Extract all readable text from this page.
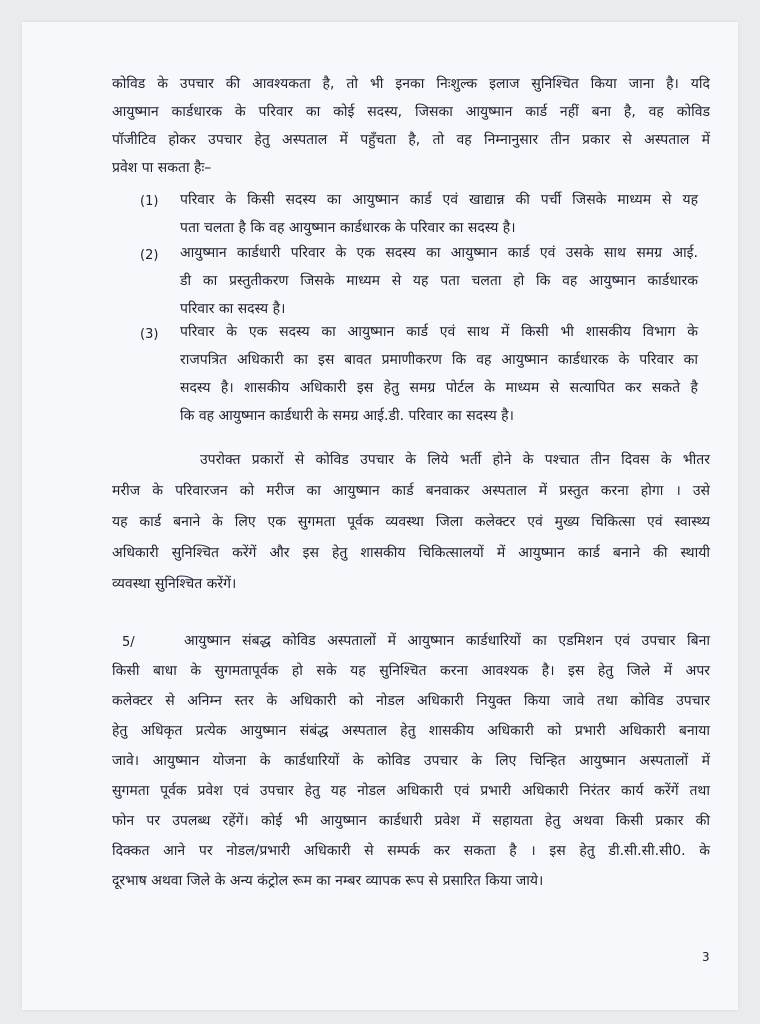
कोविड के उपचार की आवश्यकता है, तो भी इनका निःशुल्क इलाज सुनिश्चित किया जाना है। यदि
आयुष्मान कार्डधारक के परिवार का कोई सदस्य, जिसका आयुष्मान कार्ड नहीं बना है, वह कोविड
पॉजीटिव होकर उपचार हेतु अस्पताल में पहुँचता है, तो वह निम्नानुसार तीन प्रकार से अस्पताल में
प्रवेश पा सकता हैः–
(1) परिवार के किसी सदस्य का आयुष्मान कार्ड एवं खाद्यान्न की पर्ची जिसके माध्यम से यह
पता चलता है कि वह आयुष्मान कार्डधारक के परिवार का सदस्य है।
(2) आयुष्मान कार्डधारी परिवार के एक सदस्य का आयुष्मान कार्ड एवं उसके साथ समग्र आई.
डी का प्रस्तुतीकरण जिसके माध्यम से यह पता चलता हो कि वह आयुष्मान कार्डधारक
परिवार का सदस्य है।
(3) परिवार के एक सदस्य का आयुष्मान कार्ड एवं साथ में किसी भी शासकीय विभाग के
राजपत्रित अधिकारी का इस बावत प्रमाणीकरण कि वह आयुष्मान कार्डधारक के परिवार का
सदस्य है। शासकीय अधिकारी इस हेतु समग्र पोर्टल के माध्यम से सत्यापित कर सकते है
कि वह आयुष्मान कार्डधारी के समग्र आई.डी. परिवार का सदस्य है।
उपरोक्त प्रकारों से कोविड उपचार के लिये भर्ती होने के पश्चात तीन दिवस के भीतर
मरीज के परिवारजन को मरीज का आयुष्मान कार्ड बनवाकर अस्पताल में प्रस्तुत करना होगा । उसे
यह कार्ड बनाने के लिए एक सुगमता पूर्वक व्यवस्था जिला कलेक्टर एवं मुख्य चिकित्सा एवं स्वास्थ्य
अधिकारी सुनिश्चित करेंगें और इस हेतु शासकीय चिकित्सालयों में आयुष्मान कार्ड बनाने की स्थायी
व्यवस्था सुनिश्चित करेंगें।
5/	आयुष्मान संबद्ध कोविड अस्पतालों में आयुष्मान कार्डधारियों का एडमिशन एवं उपचार बिना
किसी बाधा के सुगमतापूर्वक हो सके यह सुनिश्चित करना आवश्यक है। इस हेतु जिले में अपर
कलेक्टर से अनिम्न स्तर के अधिकारी को नोडल अधिकारी नियुक्त किया जावे तथा कोविड उपचार
हेतु अधिकृत प्रत्येक आयुष्मान संबंद्ध अस्पताल हेतु शासकीय अधिकारी को प्रभारी अधिकारी बनाया
जावे। आयुष्मान योजना के कार्डधारियों के कोविड उपचार के लिए चिन्हित आयुष्मान अस्पतालों में
सुगमता पूर्वक प्रवेश एवं उपचार हेतु यह नोडल अधिकारी एवं प्रभारी अधिकारी निरंतर कार्य करेंगें तथा
फोन पर उपलब्ध रहेंगें। कोई भी आयुष्मान कार्डधारी प्रवेश में सहायता हेतु अथवा किसी प्रकार की
दिक्कत आने पर नोडल/प्रभारी अधिकारी से सम्पर्क कर सकता है । इस हेतु डी.सी.सी.सी0. के
दूरभाष अथवा जिले के अन्य कंट्रोल रूम का नम्बर व्यापक रूप से प्रसारित किया जाये।
3
